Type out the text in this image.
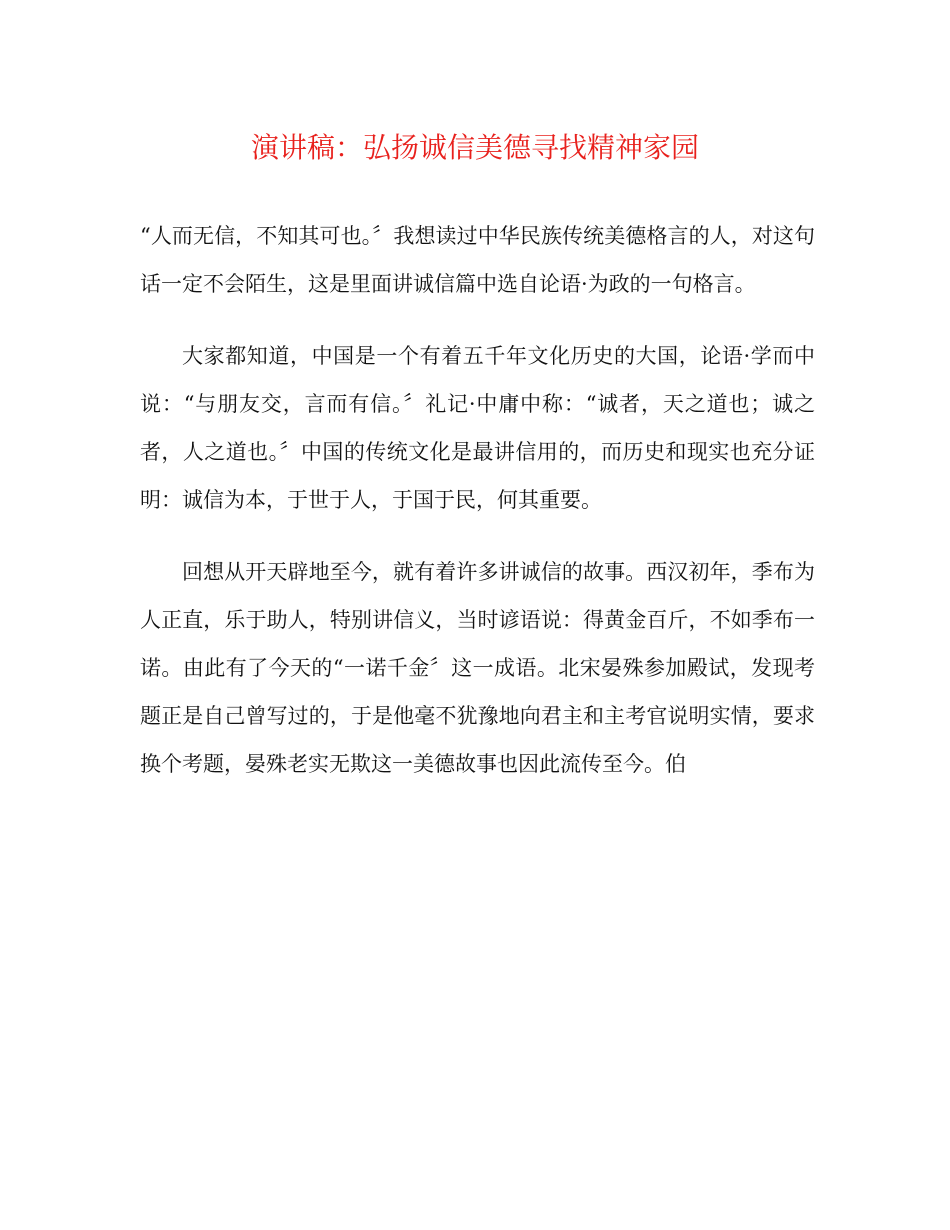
演讲稿：弘扬诚信美德寻找精神家园

“人而无信，不知其可也。〞我想读过中华民族传统美德格言的人，对这句话一定不会陌生，这是里面讲诚信篇中选自论语·为政的一句格言。

大家都知道，中国是一个有着五千年文化历史的大国，论语·学而中说：“与朋友交，言而有信。〞礼记·中庸中称：“诚者，天之道也；诚之者，人之道也。〞中国的传统文化是最讲信用的，而历史和现实也充分证明：诚信为本，于世于人，于国于民，何其重要。

回想从开天辟地至今，就有着许多讲诚信的故事。西汉初年，季布为人正直，乐于助人，特别讲信义，当时谚语说：得黄金百斤，不如季布一诺。由此有了今天的“一诺千金〞这一成语。北宋晏殊参加殿试，发现考题正是自己曾写过的，于是他毫不犹豫地向君主和主考官说明实情，要求换个考题，晏殊老实无欺这一美德故事也因此流传至今。伯
